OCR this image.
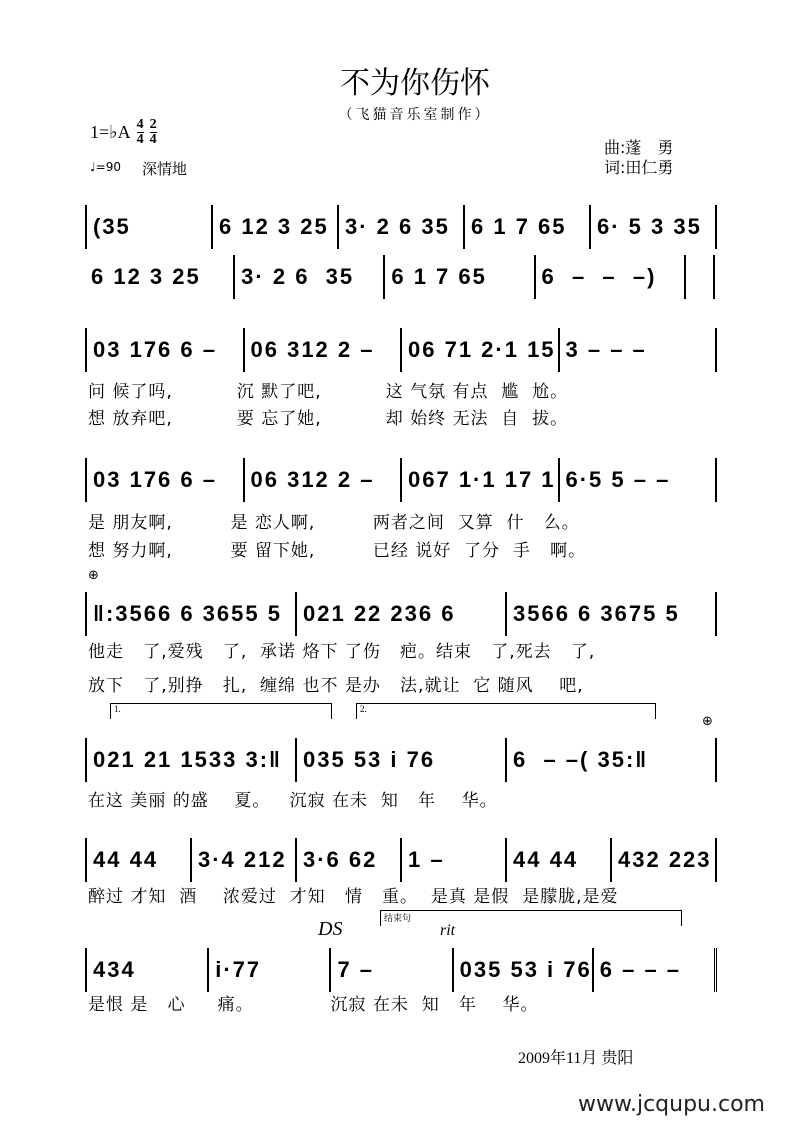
不为你伤怀
（飞猫音乐室制作）
1=♭A $\frac{4}{4} \frac{2}{4}$
♩=90 深情地
曲:蓬　勇
词:田仁勇
(35	6 12 3 25 3· 2 6 35 6 1 7 65	6· 5 3 35
6 12 3 25	3· 2 6  35	6 1 7 65	6  –  –  –)
03 176 6 –	06 312 2 –	06 71 2·1 15 3 – – –
问 候了吗,          沉 默了吧,          这 气氛 有点  尴  尬。
想 放弃吧,          要 忘了她,          却 始终 无法  自  拔。
03 176 6 –	06 312 2 –	067 1·1 17 1 6·5 5 – –
是 朋友啊,         是 恋人啊,         两者之间  又算  什   么。
想 努力啊,         要 留下她,         已经 说好  了分  手   啊。
‖:3566 6 3655 5 021 22 236 6	3566 6 3675 5
他走   了,爱残   了,  承诺 烙下 了伤   疤。结束   了,死去   了,
放下   了,别挣   扎,  缠绵 也不 是办   法,就让  它 随风    吧,
021 21 1533 3:‖ 035 53 i 76	6  – –( 35:‖
在这 美丽 的盛    夏。   沉寂 在未  知   年    华。
44 44	3·4 212 3·6 62	1 –	44 44	432 223
醉过 才知  酒    浓爱过  才知   情   重。  是真 是假  是朦胧,是爱
434	i·77	7 –	035 53 i 76 6 – – –
是恨 是   心     痛。            沉寂 在未  知   年    华。
1.	2.
⊕
⊕
结束句
DS	rit
2009年11月 贵阳
www.jcqupu.com
